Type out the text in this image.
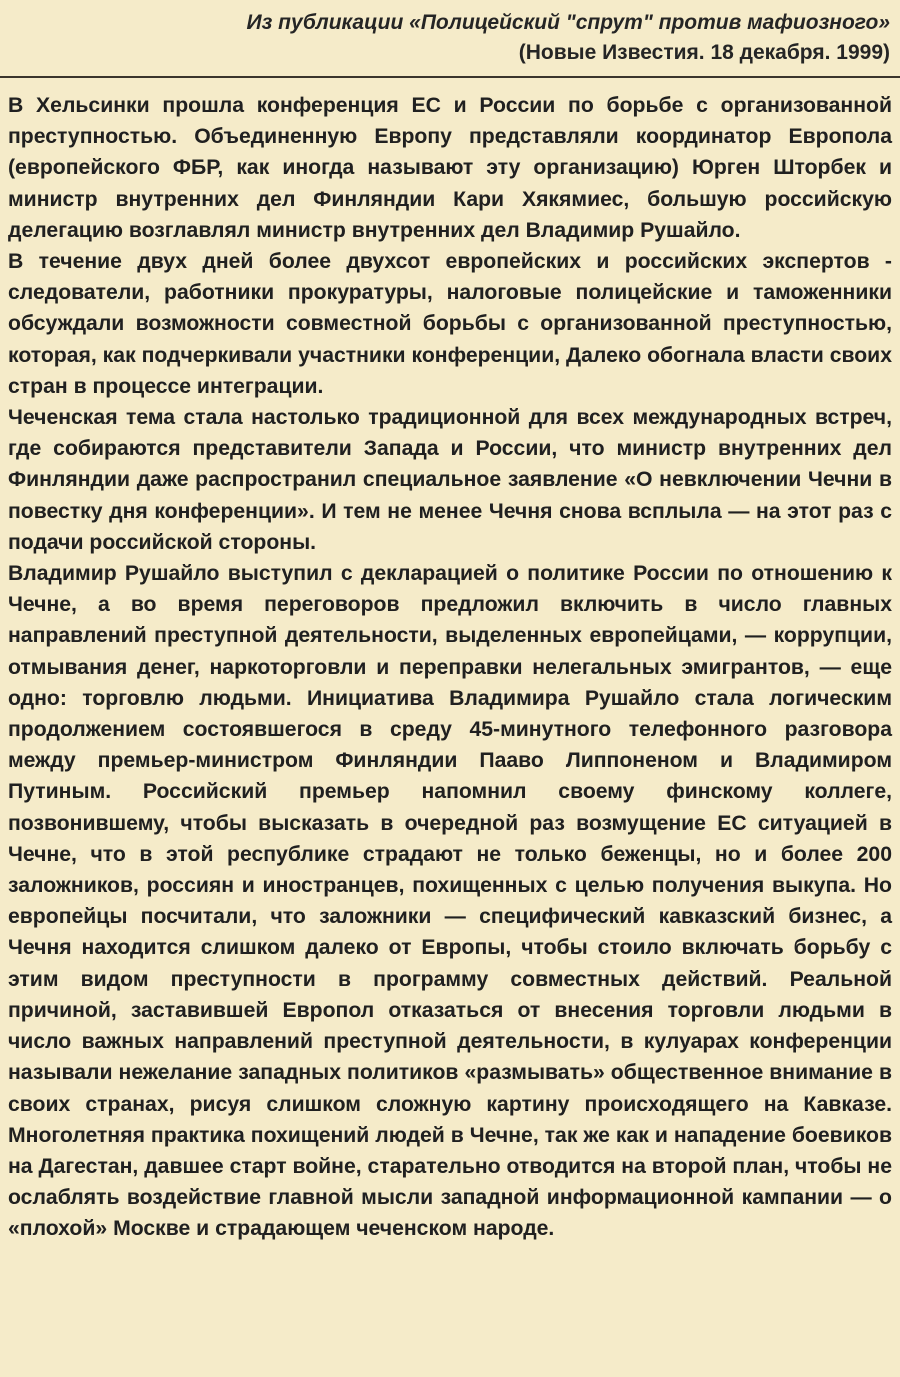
Из публикации «Полицейский "спрут" против мафиозного»
(Новые Известия. 18 декабря. 1999)

В Хельсинки прошла конференция ЕС и России по борьбе с организованной преступностью. Объединенную Европу представляли координатор Европола (европейского ФБР, как иногда называют эту организацию) Юрген Шторбек и министр внутренних дел Финляндии Кари Хякямиес, большую российскую делегацию возглавлял министр внутренних дел Владимир Рушайло.

В течение двух дней более двухсот европейских и российских экспертов - следователи, работники прокуратуры, налоговые полицейские и таможенники обсуждали возможности совместной борьбы с организованной преступностью, которая, как подчеркивали участники конференции, Далеко обогнала власти своих стран в процессе интеграции.

Чеченская тема стала настолько традиционной для всех международных встреч, где собираются представители Запада и России, что министр внутренних дел Финляндии даже распространил специальное заявление «О невключении Чечни в повестку дня конференции». И тем не менее Чечня снова всплыла — на этот раз с подачи российской стороны.

Владимир Рушайло выступил с декларацией о политике России по отношению к Чечне, а во время переговоров предложил включить в число главных направлений преступной деятельности, выделенных европейцами, — коррупции, отмывания денег, наркоторговли и переправки нелегальных эмигрантов, — еще одно: торговлю людьми. Инициатива Владимира Рушайло стала логическим продолжением состоявшегося в среду 45-минутного телефонного разговора между премьер-министром Финляндии Пааво Липпоненом и Владимиром Путиным. Российский премьер напомнил своему финскому коллеге, позвонившему, чтобы высказать в очередной раз возмущение ЕС ситуацией в Чечне, что в этой республике страдают не только беженцы, но и более 200 заложников, россиян и иностранцев, похищенных с целью получения выкупа. Но европейцы посчитали, что заложники — специфический кавказский бизнес, а Чечня находится слишком далеко от Европы, чтобы стоило включать борьбу с этим видом преступности в программу совместных действий. Реальной причиной, заставившей Европол отказаться от внесения торговли людьми в число важных направлений преступной деятельности, в кулуарах конференции называли нежелание западных политиков «размывать» общественное внимание в своих странах, рисуя слишком сложную картину происходящего на Кавказе. Многолетняя практика похищений людей в Чечне, так же как и нападение боевиков на Дагестан, давшее старт войне, старательно отводится на второй план, чтобы не ослаблять воздействие главной мысли западной информационной кампании — о «плохой» Москве и страдающем чеченском народе.
